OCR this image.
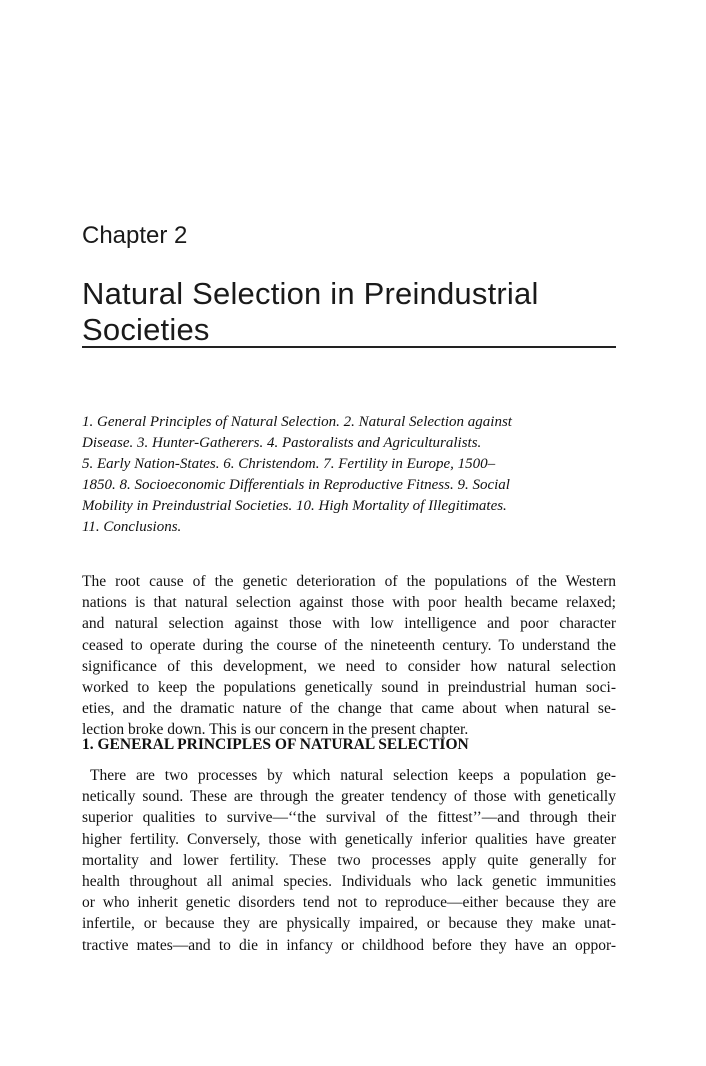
Chapter 2
Natural Selection in Preindustrial
Societies
1. General Principles of Natural Selection. 2. Natural Selection against
Disease. 3. Hunter-Gatherers. 4. Pastoralists and Agriculturalists.
5. Early Nation-States. 6. Christendom. 7. Fertility in Europe, 1500–
1850. 8. Socioeconomic Differentials in Reproductive Fitness. 9. Social
Mobility in Preindustrial Societies. 10. High Mortality of Illegitimates.
11. Conclusions.
The root cause of the genetic deterioration of the populations of the Western
nations is that natural selection against those with poor health became relaxed;
and natural selection against those with low intelligence and poor character
ceased to operate during the course of the nineteenth century. To understand the
significance of this development, we need to consider how natural selection
worked to keep the populations genetically sound in preindustrial human soci-
eties, and the dramatic nature of the change that came about when natural se-
lection broke down. This is our concern in the present chapter.
1. GENERAL PRINCIPLES OF NATURAL SELECTION
There are two processes by which natural selection keeps a population ge-
netically sound. These are through the greater tendency of those with genetically
superior qualities to survive—‘‘the survival of the fittest’’—and through their
higher fertility. Conversely, those with genetically inferior qualities have greater
mortality and lower fertility. These two processes apply quite generally for
health throughout all animal species. Individuals who lack genetic immunities
or who inherit genetic disorders tend not to reproduce—either because they are
infertile, or because they are physically impaired, or because they make unat-
tractive mates—and to die in infancy or childhood before they have an oppor-
